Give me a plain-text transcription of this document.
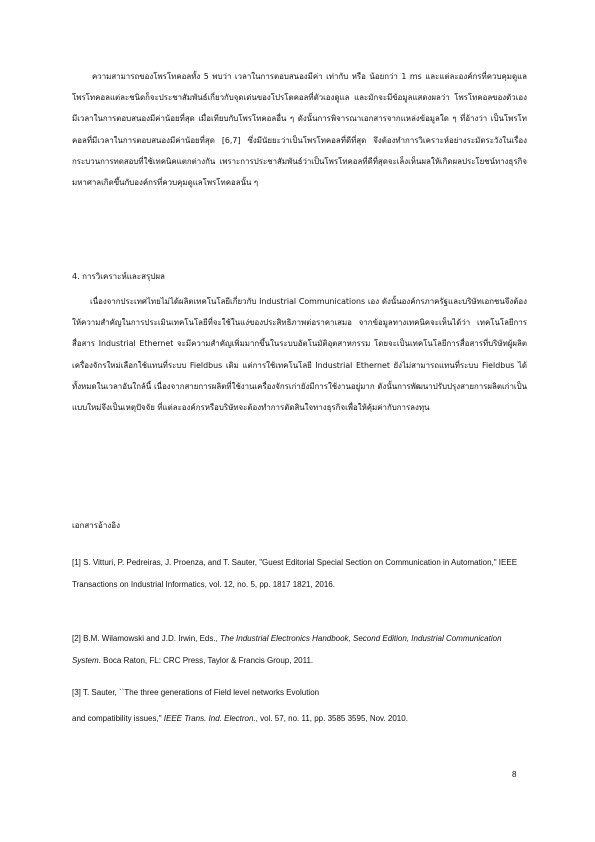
ความสามารถของโพรโทคอลทั้ง 5 พบว่า เวลาในการตอบสนองมีค่า เท่ากับ หรือ น้อยกว่า 1 ms และแต่ละองค์กรที่ควบคุมดูแลโพรโทคอลแต่ละชนิดก็จะประชาสัมพันธ์เกี่ยวกับจุดเด่นของโปรโตคอลที่ตัวเองดูแล และมักจะมีข้อมูลแสดงผลว่า โพรโทคอลของตัวเองมีเวลาในการตอบสนองมีค่าน้อยที่สุด เมื่อเทียบกับโพรโทคอลอื่น ๆ ดังนั้นการพิจารณาเอกสารจากแหล่งข้อมูลใด ๆ ที่อ้างว่า เป็นโพรโทคอลที่มีเวลาในการตอบสนองมีค่าน้อยที่สุด [6,7] ซึ่งมีนัยยะว่าเป็นโพรโทคอลที่ดีที่สุด จึงต้องทำการวิเคราะห์อย่างระมัดระวังในเรื่องกระบวนการทดสอบที่ใช้เทคนิคแตกต่างกัน เพราะการประชาสัมพันธ์ว่าเป็นโพรโทคอลที่ดีที่สุดจะเล็งเห็นผลให้เกิดผลประโยชน์ทางธุรกิจมหาศาลเกิดขึ้นกับองค์กรที่ควบคุมดูแลโพรโทคอลนั้น ๆ
4. การวิเคราะห์และสรุปผล
เนื่องจากประเทศไทยไม่ได้ผลิตเทคโนโลยีเกี่ยวกับ Industrial Communications เอง ดังนั้นองค์กรภาครัฐและบริษัทเอกชนจึงต้องให้ความสำคัญในการประเมินเทคโนโลยีที่จะใช้ในแง่ของประสิทธิภาพต่อราคาเสมอ จากข้อมูลทางเทคนิคจะเห็นได้ว่า เทคโนโลยีการสื่อสาร Industrial Ethernet จะมีความสำคัญเพิ่มมากขึ้นในระบบอัตโนมัติอุตสาหกรรม โดยจะเป็นเทคโนโลยีการสื่อสารที่บริษัทผู้ผลิตเครื่องจักรใหม่เลือกใช้แทนที่ระบบ Fieldbus เดิม แต่การใช้เทคโนโลยี Industrial Ethernet ยังไม่สามารถแทนที่ระบบ Fieldbus ได้ทั้งหมดในเวลาอันใกล้นี้ เนื่องจากสายการผลิตที่ใช้งานเครื่องจักรเก่ายังมีการใช้งานอยู่มาก ดังนั้นการพัฒนาปรับปรุงสายการผลิตเก่าเป็นแบบใหม่จึงเป็นเหตุปัจจัย ที่แต่ละองค์กรหรือบริษัทจะต้องทำการตัดสินใจทางธุรกิจเพื่อให้คุ้มค่ากับการลงทุน
เอกสารอ้างอิง
[1] S. Vitturi, P. Pedreiras, J. Proenza, and T. Sauter, "Guest Editorial Special Section on Communication in Automation," IEEE Transactions on Industrial Informatics, vol. 12, no. 5, pp. 1817 1821, 2016.
[2] B.M. Wilamowski and J.D. Irwin, Eds., The Industrial Electronics Handbook, Second Edition, Industrial Communication System. Boca Raton, FL: CRC Press, Taylor & Francis Group, 2011.
[3] T. Sauter, ``The three generations of Field level networks Evolution
and compatibility issues," IEEE Trans. Ind. Electron., vol. 57, no. 11, pp. 3585 3595, Nov. 2010.
8
